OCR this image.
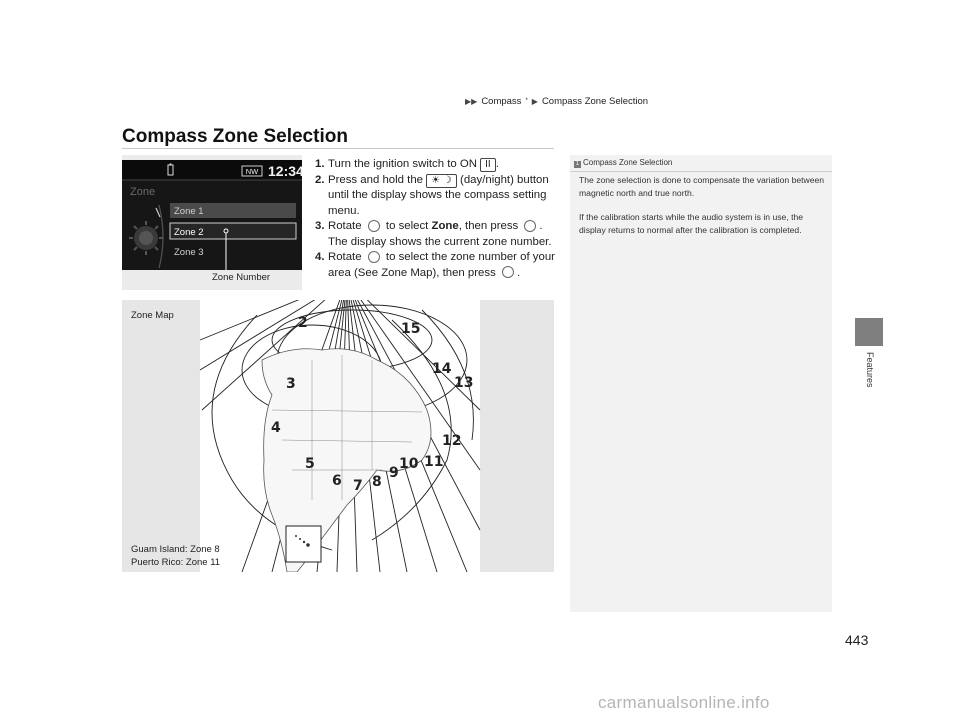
▶▶ Compass * ▶ Compass Zone Selection
Features
Compass Zone Selection
NW 12:34
Zone
Zone 1
Zone 2
Zone 3
Zone Number
1. Turn the ignition switch to ON II .
2. Press and hold the ☀ ☽ (day/night) button until the display shows the compass setting menu.
3. Rotate  to select Zone, then press . The display shows the current zone number.
4. Rotate  to select the zone number of your area (See Zone Map), then press .
1 Compass Zone Selection

The zone selection is done to compensate the variation between magnetic north and true north.

If the calibration starts while the audio system is in use, the display returns to normal after the calibration is completed.

2	15
14
13
3
4
12
5	10 11
9
6 7 8
Zone Map
Guam Island: Zone 8
Puerto Rico: Zone 11
443
carmanualsonline.info
